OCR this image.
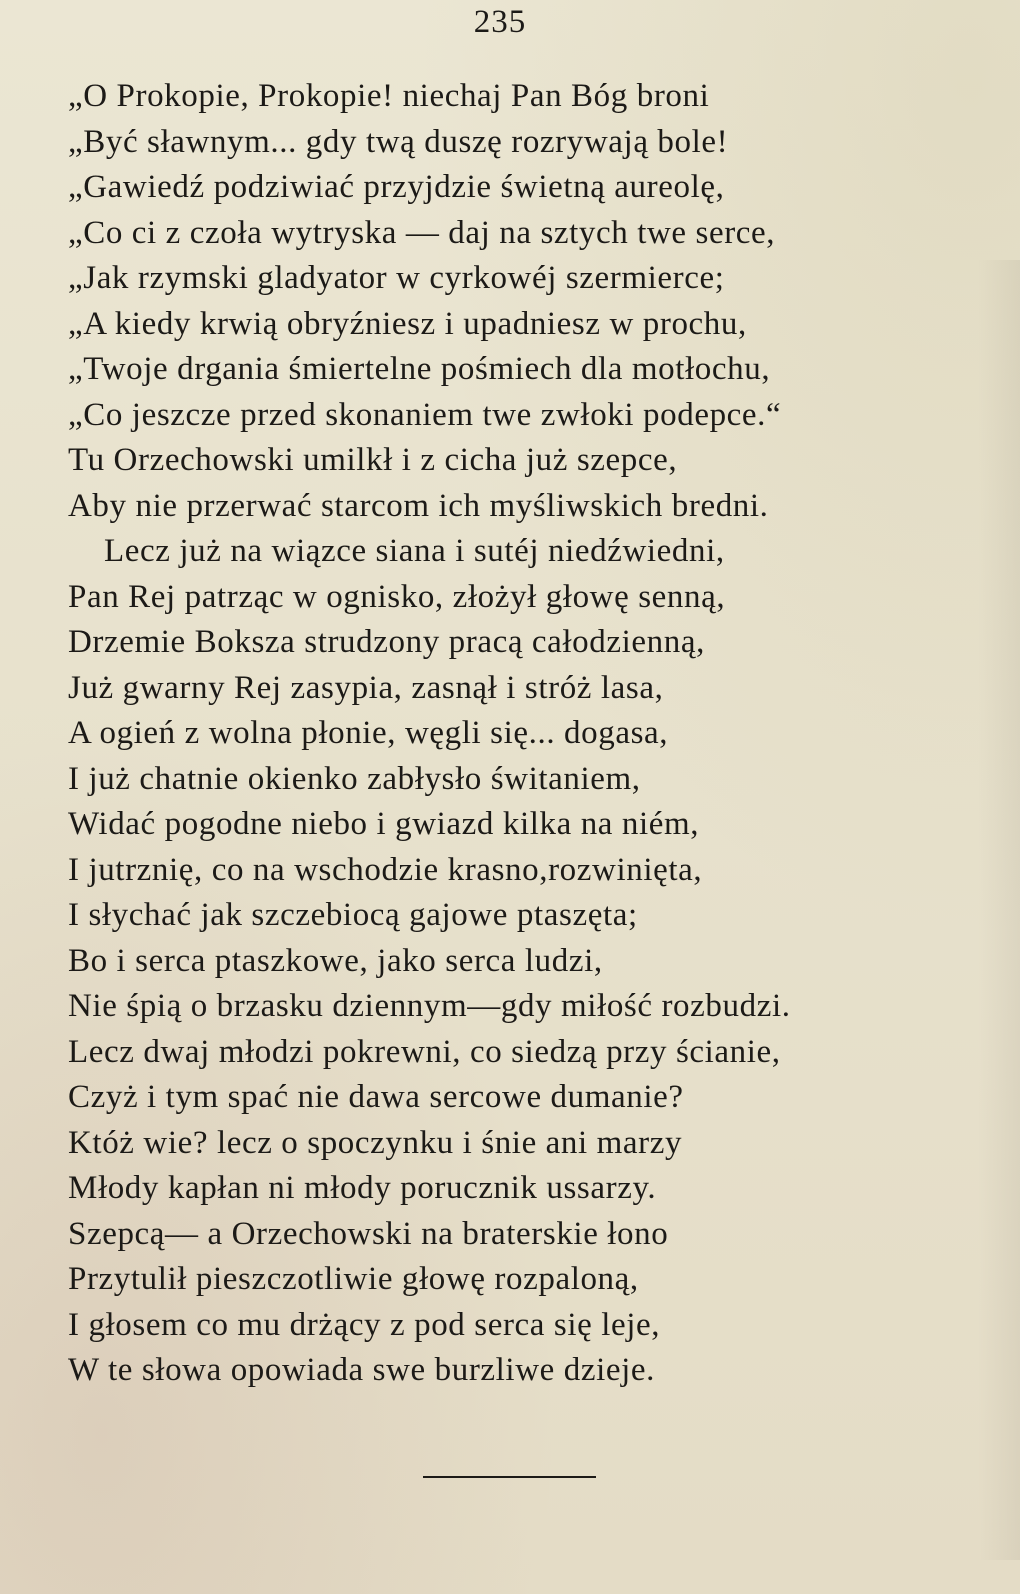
235
„O Prokopie, Prokopie! niechaj Pan Bóg broni
„Być sławnym... gdy twą duszę rozrywają bole!
„Gawiedź podziwiać przyjdzie świetną aureolę,
„Co ci z czoła wytryska — daj na sztych twe serce,
„Jak rzymski gladyator w cyrkowéj szermierce;
„A kiedy krwią obryźniesz i upadniesz w prochu,
„Twoje drgania śmiertelne pośmiech dla motłochu,
„Co jeszcze przed skonaniem twe zwłoki podepce.“
Tu Orzechowski umilkł i z cicha już szepce,
Aby nie przerwać starcom ich myśliwskich bredni.
Lecz już na wiązce siana i sutéj niedźwiedni,
Pan Rej patrząc w ognisko, złożył głowę senną,
Drzemie Boksza strudzony pracą całodzienną,
Już gwarny Rej zasypia, zasnął i stróż lasa,
A ogień z wolna płonie, węgli się... dogasa,
I już chatnie okienko zabłysło świtaniem,
Widać pogodne niebo i gwiazd kilka na niém,
I jutrznię, co na wschodzie krasno,rozwinięta,
I słychać jak szczebiocą gajowe ptaszęta;
Bo i serca ptaszkowe, jako serca ludzi,
Nie śpią o brzasku dziennym—gdy miłość rozbudzi.
Lecz dwaj młodzi pokrewni, co siedzą przy ścianie,
Czyż i tym spać nie dawa sercowe dumanie?
Któż wie? lecz o spoczynku i śnie ani marzy
Młody kapłan ni młody porucznik ussarzy.
Szepcą— a Orzechowski na braterskie łono
Przytulił pieszczotliwie głowę rozpaloną,
I głosem co mu drżący z pod serca się leje,
W te słowa opowiada swe burzliwe dzieje.
